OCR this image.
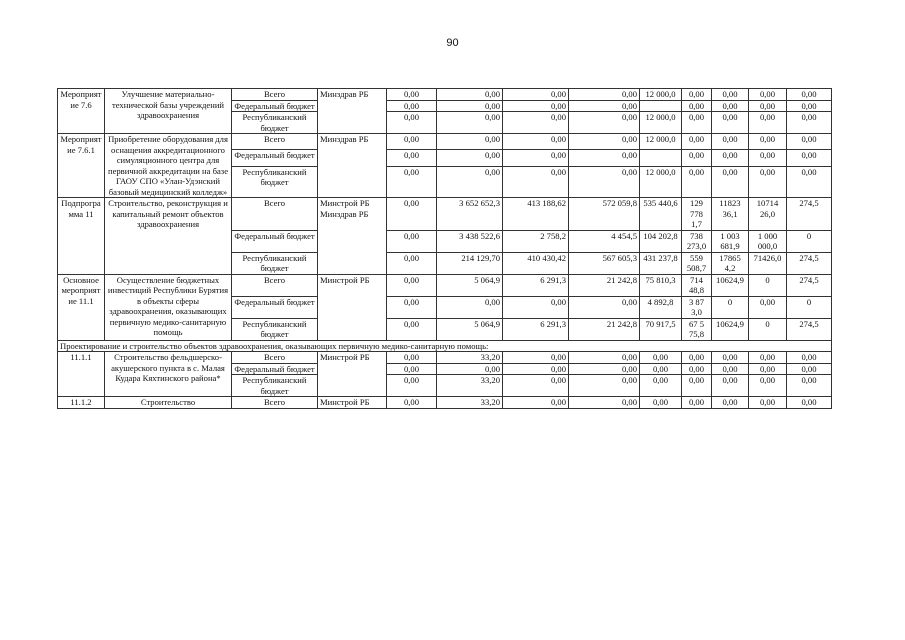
90
Мероприятие 7.6	Улучшение материально-технической базы учреждений здравоохранения	Всего	Минздрав РБ	0,00	0,00	0,00	0,00	12 000,0	0,00	0,00	0,00	0,00
		Федеральный бюджет		0,00	0,00	0,00	0,00		0,00	0,00	0,00	0,00
		Республиканский бюджет		0,00	0,00	0,00	0,00	12 000,0	0,00	0,00	0,00	0,00
Мероприятие 7.6.1	Приобретение оборудования для оснащения аккредитационного симуляционного центра для первичной аккредитации на базе ГАОУ СПО «Улан-Удэнский базовый медицинский колледж»	Всего	Минздрав РБ	0,00	0,00	0,00	0,00	12 000,0	0,00	0,00	0,00	0,00
		Федеральный бюджет		0,00	0,00	0,00	0,00		0,00	0,00	0,00	0,00
		Республиканский бюджет		0,00	0,00	0,00	0,00	12 000,0	0,00	0,00	0,00	0,00
Подпрограмма 11	Строительство, реконструкция и капитальный ремонт объектов здравоохранения	Всего	Минстрой РБ Минздрав РБ	0,00	3 652 652,3	413 188,62	572 059,8	535 440,6	129 778 1,7	11823 36,1	10714 26,0	274,5
		Федеральный бюджет		0,00	3 438 522,6	2 758,2	4 454,5	104 202,8	738 273,0	1 003 681,9	1 000 000,0	0
		Республиканский бюджет		0,00	214 129,70	410 430,42	567 605,3	431 237,8	559 508,7	17865 4,2	71426,0	274,5
Основное мероприятие 11.1	Осуществление бюджетных инвестиций Республики Бурятия в объекты сферы здравоохранения, оказывающих первичную медико-санитарную помощь	Всего	Минстрой РБ	0,00	5 064,9	6 291,3	21 242,8	75 810,3	714 48,8	10624,9	0	274,5
		Федеральный бюджет		0,00	0,00	0,00	0,00	4 892,8	3 87 3,0	0	0,00	0
		Республиканский бюджет		0,00	5 064,9	6 291,3	21 242,8	70 917,5	67 5 75,8	10624,9	0	274,5
Проектирование и строительство объектов здравоохранения, оказывающих первичную медико-санитарную помощь:												
11.1.1	Строительство фельдшерско-акушерского пункта в с. Малая Кудара Кяхтинского района*	Всего	Минстрой РБ	0,00	33,20	0,00	0,00	0,00	0,00	0,00	0,00	0,00
		Федеральный бюджет		0,00	0,00	0,00	0,00	0,00	0,00	0,00	0,00	0,00
		Республиканский бюджет		0,00	33,20	0,00	0,00	0,00	0,00	0,00	0,00	0,00
11.1.2	Строительство	Всего	Минстрой РБ	0,00	33,20	0,00	0,00	0,00	0,00	0,00	0,00	0,00
